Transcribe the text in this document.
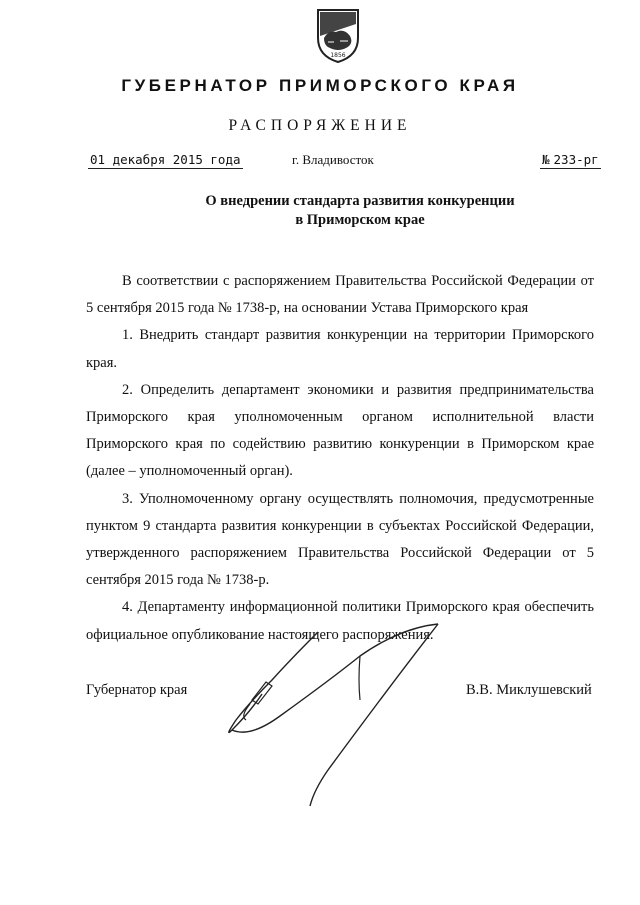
1856
ГУБЕРНАТОР ПРИМОРСКОГО КРАЯ
РАСПОРЯЖЕНИЕ
01 декабря 2015 года	г. Владивосток	№ 233-рг
О внедрении стандарта развития конкуренции
в Приморском крае

В соответствии с распоряжением Правительства Российской Федерации от 5 сентября 2015 года № 1738-р, на основании Устава Приморского края

1. Внедрить стандарт развития конкуренции на территории Приморского края.

2. Определить департамент экономики и развития предпринимательства Приморского края уполномоченным органом исполнительной власти Приморского края по содействию развитию конкуренции в Приморском крае (далее – уполномоченный орган).

3. Уполномоченному органу осуществлять полномочия, предусмотренные пунктом 9 стандарта развития конкуренции в субъектах Российской Федерации, утвержденного распоряжением Правительства Российской Федерации от 5 сентября 2015 года № 1738-р.

4. Департаменту информационной политики Приморского края обеспечить официальное опубликование настоящего распоряжения.

Губернатор края	В.В. Миклушевский
